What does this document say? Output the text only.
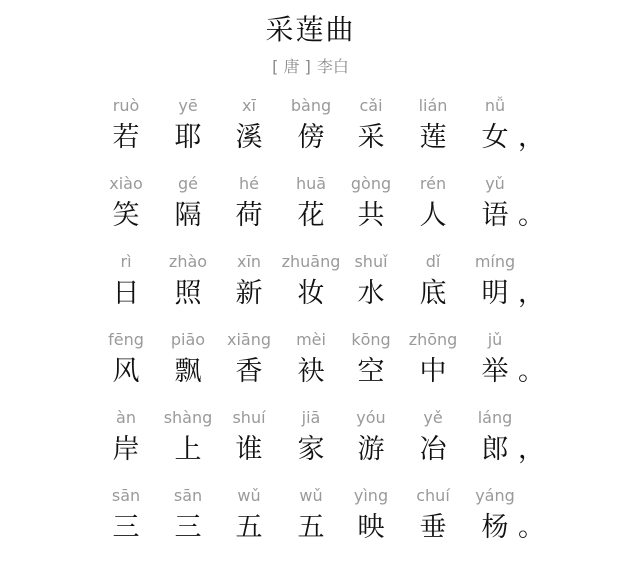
采莲曲
[ 唐 ] 李白
ruò
若
yē
耶
xī
溪
bàng
傍
cǎi
采
lián
莲
nǚ
女 ，
xiào
笑
gé
隔
hé
荷
huā
花
gòng
共
rén
人
yǔ
语 。
rì
日
zhào
照
xīn
新
zhuāng
妆
shuǐ
水
dǐ
底
míng
明 ，
fēng
风
piāo
飘
xiāng
香
mèi
袂
kōng
空
zhōng
中
jǔ
举 。
àn
岸
shàng
上
shuí
谁
jiā
家
yóu
游
yě
冶
láng
郎 ，
sān
三
sān
三
wǔ
五
wǔ
五
yìng
映
chuí
垂
yáng
杨 。
